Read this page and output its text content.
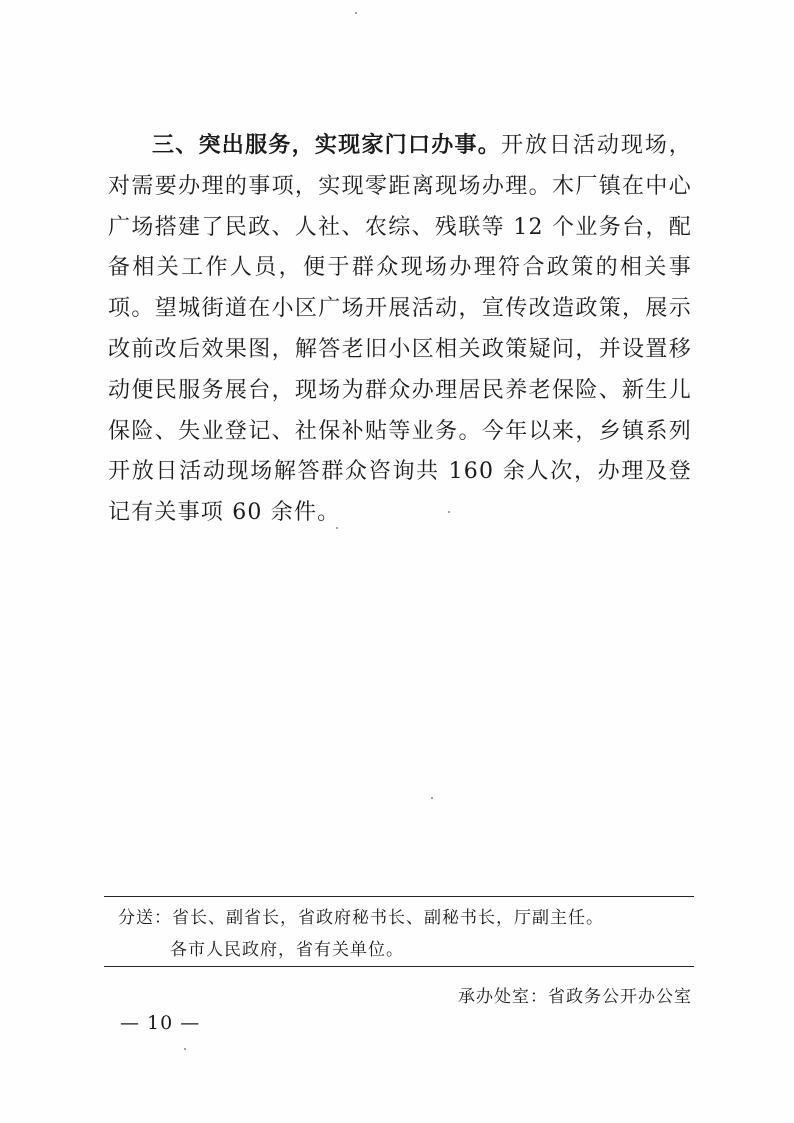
三、突出服务，实现家门口办事。开放日活动现场，对需要办理的事项，实现零距离现场办理。木厂镇在中心广场搭建了民政、人社、农综、残联等 12 个业务台，配备相关工作人员，便于群众现场办理符合政策的相关事项。望城街道在小区广场开展活动，宣传改造政策，展示改前改后效果图，解答老旧小区相关政策疑问，并设置移动便民服务展台，现场为群众办理居民养老保险、新生儿保险、失业登记、社保补贴等业务。今年以来，乡镇系列开放日活动现场解答群众咨询共 160 余人次，办理及登记有关事项 60 余件。

分送：省长、副省长，省政府秘书长、副秘书长，厅副主任。

各市人民政府，省有关单位。

承办处室：省政务公开办公室

— 10 —
